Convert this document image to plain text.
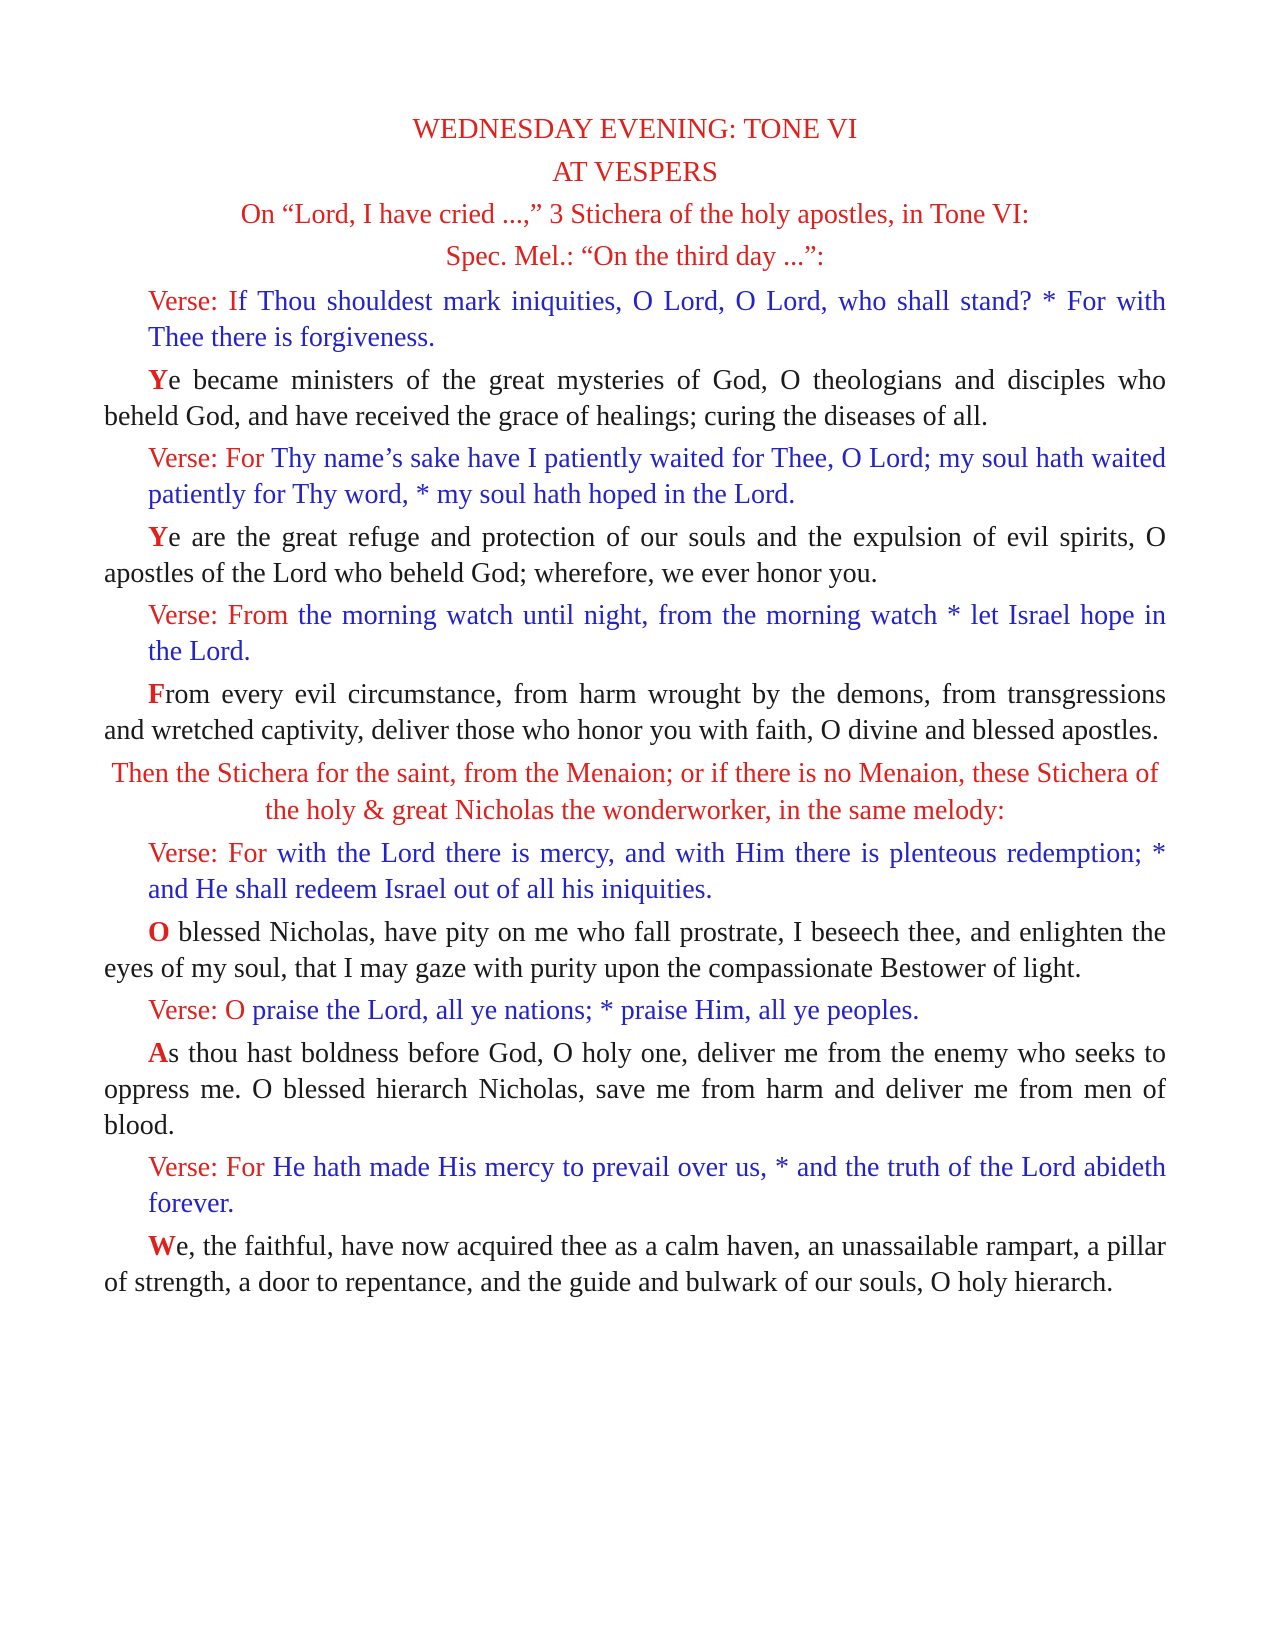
WEDNESDAY EVENING: TONE VI

AT VESPERS

On “Lord, I have cried ...,” 3 Stichera of the holy apostles, in Tone VI:

Spec. Mel.: “On the third day ...”:

Verse: If Thou shouldest mark iniquities, O Lord, O Lord, who shall stand? * For with Thee there is forgiveness.

Ye became ministers of the great mysteries of God, O theologians and disciples who beheld God, and have received the grace of healings; curing the diseases of all.

Verse: For Thy name’s sake have I patiently waited for Thee, O Lord; my soul hath waited patiently for Thy word, * my soul hath hoped in the Lord.

Ye are the great refuge and protection of our souls and the expulsion of evil spirits, O apostles of the Lord who beheld God; wherefore, we ever honor you.

Verse: From the morning watch until night, from the morning watch * let Israel hope in the Lord.

From every evil circumstance, from harm wrought by the demons, from transgressions and wretched captivity, deliver those who honor you with faith, O divine and blessed apostles.

Then the Stichera for the saint, from the Menaion; or if there is no Menaion, these Stichera of the holy & great Nicholas the wonderworker, in the same melody:

Verse: For with the Lord there is mercy, and with Him there is plenteous redemption; * and He shall redeem Israel out of all his iniquities.

O blessed Nicholas, have pity on me who fall prostrate, I beseech thee, and enlighten the eyes of my soul, that I may gaze with purity upon the compassionate Bestower of light.

Verse: O praise the Lord, all ye nations; * praise Him, all ye peoples.

As thou hast boldness before God, O holy one, deliver me from the enemy who seeks to oppress me. O blessed hierarch Nicholas, save me from harm and deliver me from men of blood.

Verse: For He hath made His mercy to prevail over us, * and the truth of the Lord abideth forever.

We, the faithful, have now acquired thee as a calm haven, an unassailable rampart, a pillar of strength, a door to repentance, and the guide and bulwark of our souls, O holy hierarch.
